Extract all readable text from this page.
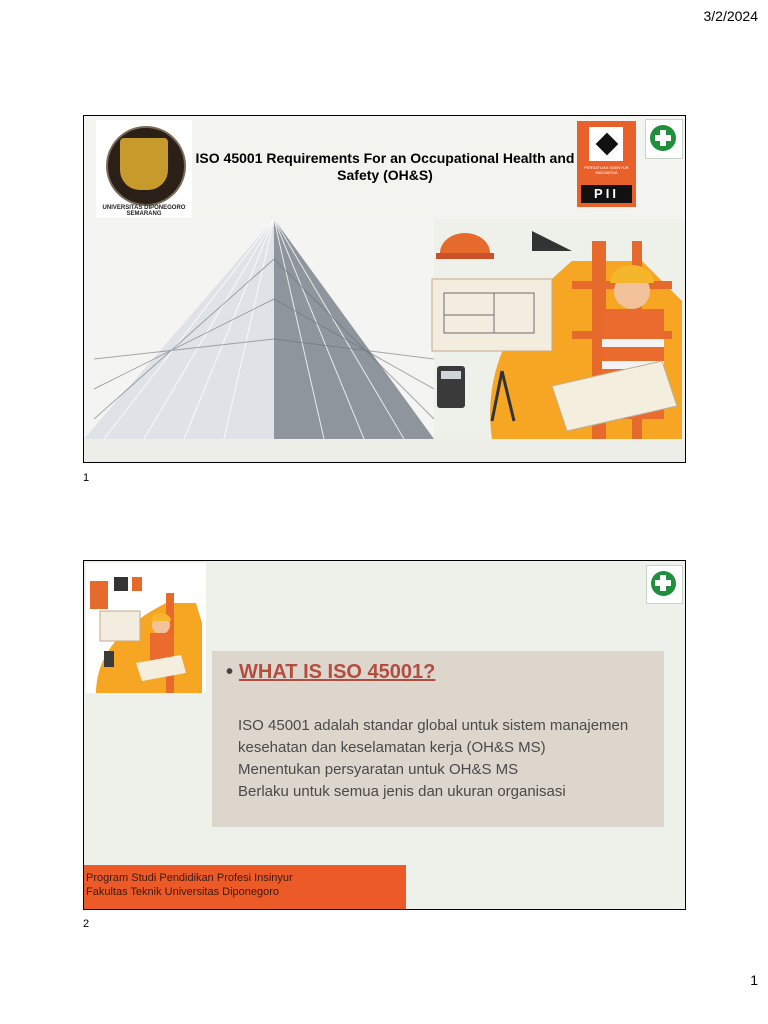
3/2/2024
UNIVERSITAS DIPONEGORO SEMARANG
ISO 45001 Requirements For an Occupational Health and Safety (OH&S)	PERSATUAN INSINYUR INDONESIA
PII
1
• WHAT IS ISO 45001?
ISO 45001 adalah standar global untuk sistem manajemen kesehatan dan keselamatan kerja (OH&S MS)
Menentukan persyaratan untuk OH&S MS
Berlaku untuk semua jenis dan ukuran organisasi
Program Studi Pendidikan Profesi Insinyur
Fakultas Teknik Universitas Diponegoro
2
1
